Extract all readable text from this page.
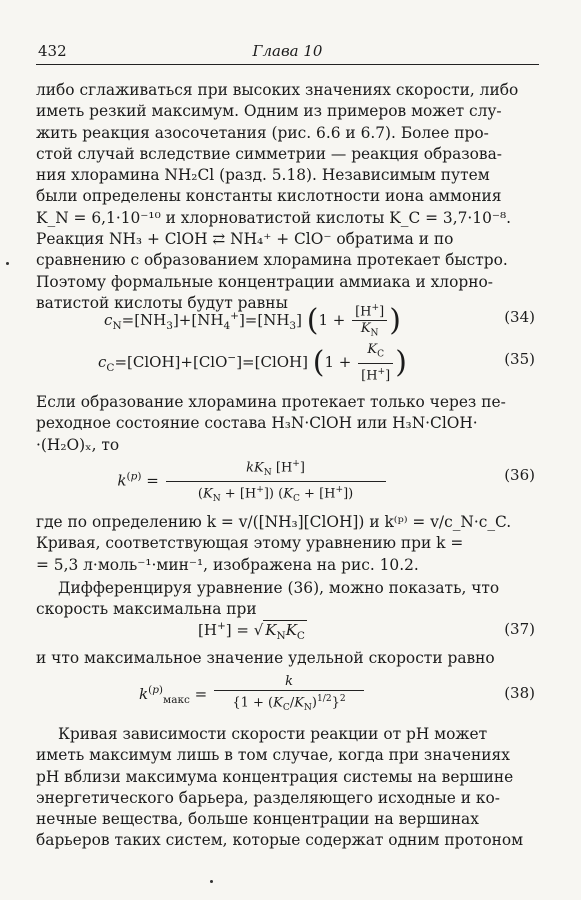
432	Глава 10
либо сглаживаться при высоких значениях скорости, либо
иметь резкий максимум. Одним из примеров может слу-
жить реакция азосочетания (рис. 6.6 и 6.7). Более про-
стой случай вследствие симметрии — реакция образова-
ния хлорамина NH₂Cl (разд. 5.18). Независимым путем
были определены константы кислотности иона аммония
K_N = 6,1·10⁻¹⁰ и хлорноватистой кислоты K_C = 3,7·10⁻⁸.
Реакция NH₃ + ClOH ⇄ NH₄⁺ + ClO⁻ обратима и по
сравнению с образованием хлорамина протекает быстро.
Поэтому формальные концентрации аммиака и хлорно-
ватистой кислоты будут равны
$c_N=[NH_3]+[NH_4^+]=[NH_3] (1 + \frac{[H^+]}{K_N}$ )	(34)
$c_C=[ClOH]+[ClO^-]=[ClOH] (1 + \frac{K_C}{[H^+]}$ )	(35)
Если образование хлорамина протекает только через пе-
реходное состояние состава H₃N·ClOH или H₃N·ClOH·
·(H₂O)ₓ, то
$k^{(p)} = \frac{kK_N [H^+]}{(K_N + [H^+]) (K_C + [H^+])}$	(36)
где по определению k = v/([NH₃][ClOH]) и k⁽ᵖ⁾ = v/c_N·c_C.
Кривая, соответствующая этому уравнению при k =
= 5,3 л·моль⁻¹·мин⁻¹, изображена на рис. 10.2.
Дифференцируя уравнение (36), можно показать, что
скорость максимальна при
[H+] = √ $K_NK_C$	(37)
и что максимальное значение удельной скорости равно
$k^{(p)}_{макс} = \frac{k}{\{1 + (K_C/K_N)^{1/2}\}^2}$	(38)
Кривая зависимости скорости реакции от pH может
иметь максимум лишь в том случае, когда при значениях
pH вблизи максимума концентрация системы на вершине
энергетического барьера, разделяющего исходные и ко-
нечные вещества, больше концентрации на вершинах
барьеров таких систем, которые содержат одним протоном
